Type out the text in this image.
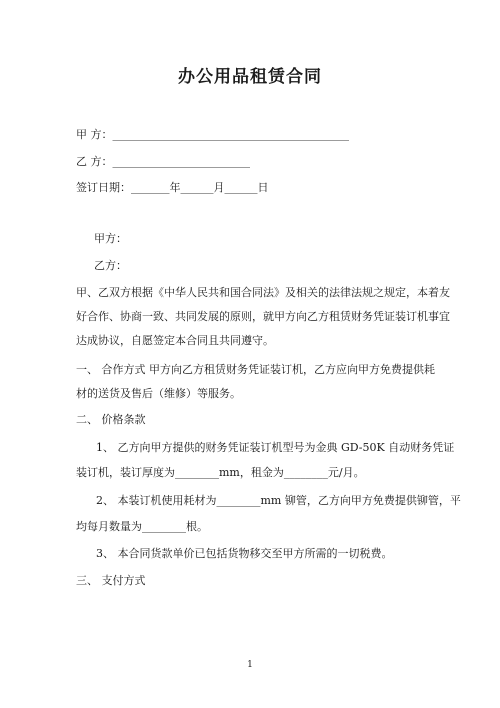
办公用品租赁合同
甲 方：___________________________________________
乙 方：_________________________
签订日期：_______年______月______日
甲方：
乙方：
甲、乙双方根据《中华人民共和国合同法》及相关的法律法规之规定，本着友
好合作、协商一致、共同发展的原则，就甲方向乙方租赁财务凭证装订机事宜
达成协议，自愿签定本合同且共同遵守。
一、 合作方式 甲方向乙方租赁财务凭证装订机，乙方应向甲方免费提供耗
材的送货及售后（维修）等服务。
二、 价格条款
1、 乙方向甲方提供的财务凭证装订机型号为金典 GD-50K 自动财务凭证
装订机，装订厚度为________mm，租金为________元/月。
2、 本装订机使用耗材为________mm 铆管，乙方向甲方免费提供铆管，平
均每月数量为________根。
3、 本合同货款单价已包括货物移交至甲方所需的一切税费。
三、 支付方式
1
